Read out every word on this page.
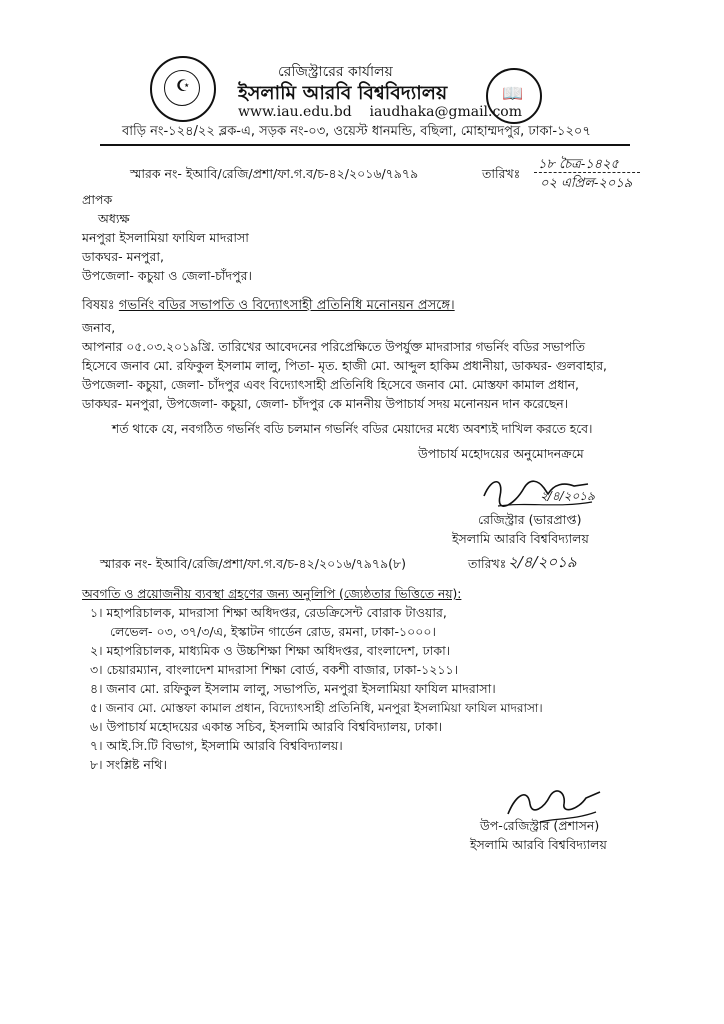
☪	📖
রেজিস্ট্রারের কার্যালয়
ইসলামি আরবি বিশ্ববিদ্যালয়
www.iau.edu.bd iaudhaka@gmail.com
বাড়ি নং-১২৪/২২ ব্লক-এ, সড়ক নং-০৩, ওয়েস্ট ধানমন্ডি, বছিলা, মোহাম্মদপুর, ঢাকা-১২০৭
স্মারক নং- ইআবি/রেজি/প্রশা/ফা.গ.ব/চ-৪২/২০১৬/৭৯৭৯	তারিখঃ
১৮ চৈত্র-১৪২৫
০২ এপ্রিল-২০১৯
প্রাপক
অধ্যক্ষ
মনপুরা ইসলামিয়া ফাযিল মাদরাসা
ডাকঘর- মনপুরা,
উপজেলা- কচুয়া ও জেলা-চাঁদপুর।
বিষয়ঃ গভর্নিং বডির সভাপতি ও বিদ্যোৎসাহী প্রতিনিধি মনোনয়ন প্রসঙ্গে।
জনাব,
আপনার ০৫.০৩.২০১৯খ্রি. তারিখের আবেদনের পরিপ্রেক্ষিতে উপর্যুক্ত মাদরাসার গভর্নিং বডির সভাপতি
হিসেবে জনাব মো. রফিকুল ইসলাম লালু, পিতা- মৃত. হাজী মো. আব্দুল হাকিম প্রধানীয়া, ডাকঘর- গুলবাহার,
উপজেলা- কচুয়া, জেলা- চাঁদপুর এবং বিদ্যোৎসাহী প্রতিনিধি হিসেবে জনাব মো. মোস্তফা কামাল প্রধান,
ডাকঘর- মনপুরা, উপজেলা- কচুয়া, জেলা- চাঁদপুর কে মাননীয় উপাচার্য সদয় মনোনয়ন দান করেছেন।
শর্ত থাকে যে, নবগঠিত গভর্নিং বডি চলমান গভর্নিং বডির মেয়াদের মধ্যে অবশ্যই দাখিল করতে হবে।
উপাচার্য মহোদয়ের অনুমোদনক্রমে
২/৪/২০১৯
রেজিস্ট্রার (ভারপ্রাপ্ত)
ইসলামি আরবি বিশ্ববিদ্যালয়
স্মারক নং- ইআবি/রেজি/প্রশা/ফা.গ.ব/চ-৪২/২০১৬/৭৯৭৯(৮)	তারিখঃ ২/৪/২০১৯
অবগতি ও প্রয়োজনীয় ব্যবস্থা গ্রহণের জন্য অনুলিপি (জ্যেষ্ঠতার ভিত্তিতে নয়):
১। মহাপরিচালক, মাদরাসা শিক্ষা অধিদপ্তর, রেডক্রিসেন্ট বোরাক টাওয়ার,
লেভেল- ০৩, ৩৭/৩/এ, ইস্কাটন গার্ডেন রোড, রমনা, ঢাকা-১০০০।
২। মহাপরিচালক, মাধ্যমিক ও উচ্চশিক্ষা শিক্ষা অধিদপ্তর, বাংলাদেশ, ঢাকা।
৩। চেয়ারম্যান, বাংলাদেশ মাদরাসা শিক্ষা বোর্ড, বকশী বাজার, ঢাকা-১২১১।
৪। জনাব মো. রফিকুল ইসলাম লালু, সভাপতি, মনপুরা ইসলামিয়া ফাযিল মাদরাসা।
৫। জনাব মো. মোস্তফা কামাল প্রধান, বিদ্যোৎসাহী প্রতিনিধি, মনপুরা ইসলামিয়া ফাযিল মাদরাসা।
৬। উপাচার্য মহোদয়ের একান্ত সচিব, ইসলামি আরবি বিশ্ববিদ্যালয়, ঢাকা।
৭। আই.সি.টি বিভাগ, ইসলামি আরবি বিশ্ববিদ্যালয়।
৮। সংশ্লিষ্ট নথি।
উপ-রেজিস্ট্রার (প্রশাসন)
ইসলামি আরবি বিশ্ববিদ্যালয়
